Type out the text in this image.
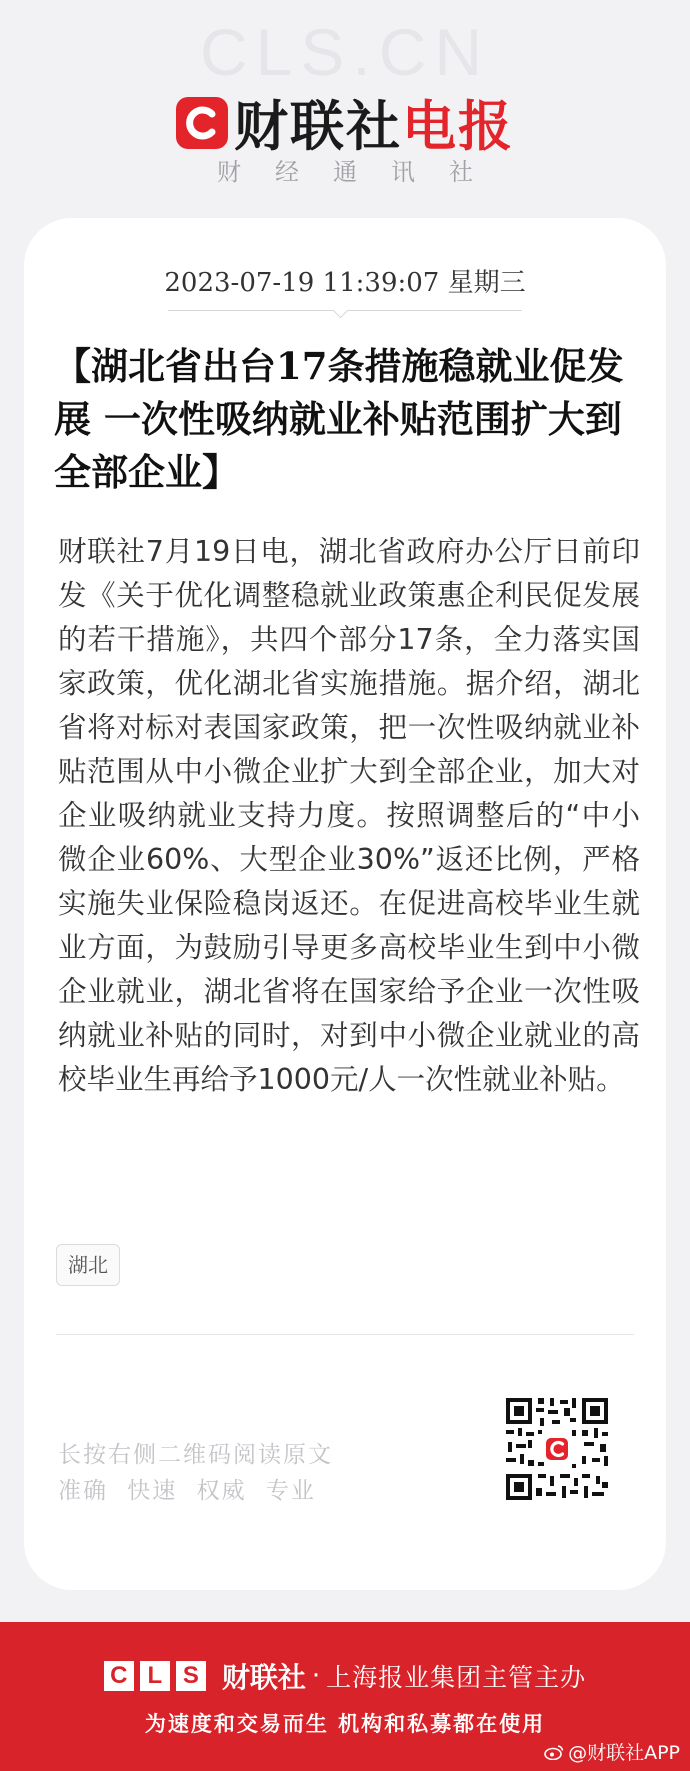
CLS.CN
财联社电报
财经通讯社
2023-07-19 11:39:07 星期三
【湖北省出台17条措施稳就业促发展 一次性吸纳就业补贴范围扩大到全部企业】
财联社7月19日电，湖北省政府办公厅日前印发《关于优化调整稳就业政策惠企利民促发展的若干措施》，共四个部分17条，全力落实国家政策，优化湖北省实施措施。据介绍，湖北省将对标对表国家政策，把一次性吸纳就业补贴范围从中小微企业扩大到全部企业，加大对企业吸纳就业支持力度。按照调整后的“中小微企业60%、大型企业30%”返还比例，严格实施失业保险稳岗返还。在促进高校毕业生就业方面，为鼓励引导更多高校毕业生到中小微企业就业，湖北省将在国家给予企业一次性吸纳就业补贴的同时，对到中小微企业就业的高校毕业生再给予1000元/人一次性就业补贴。
湖北
长按右侧二维码阅读原文
准确 快速 权威 专业
C L S 财联社 · 上海报业集团主管主办
为速度和交易而生 机构和私募都在使用
@财联社APP
